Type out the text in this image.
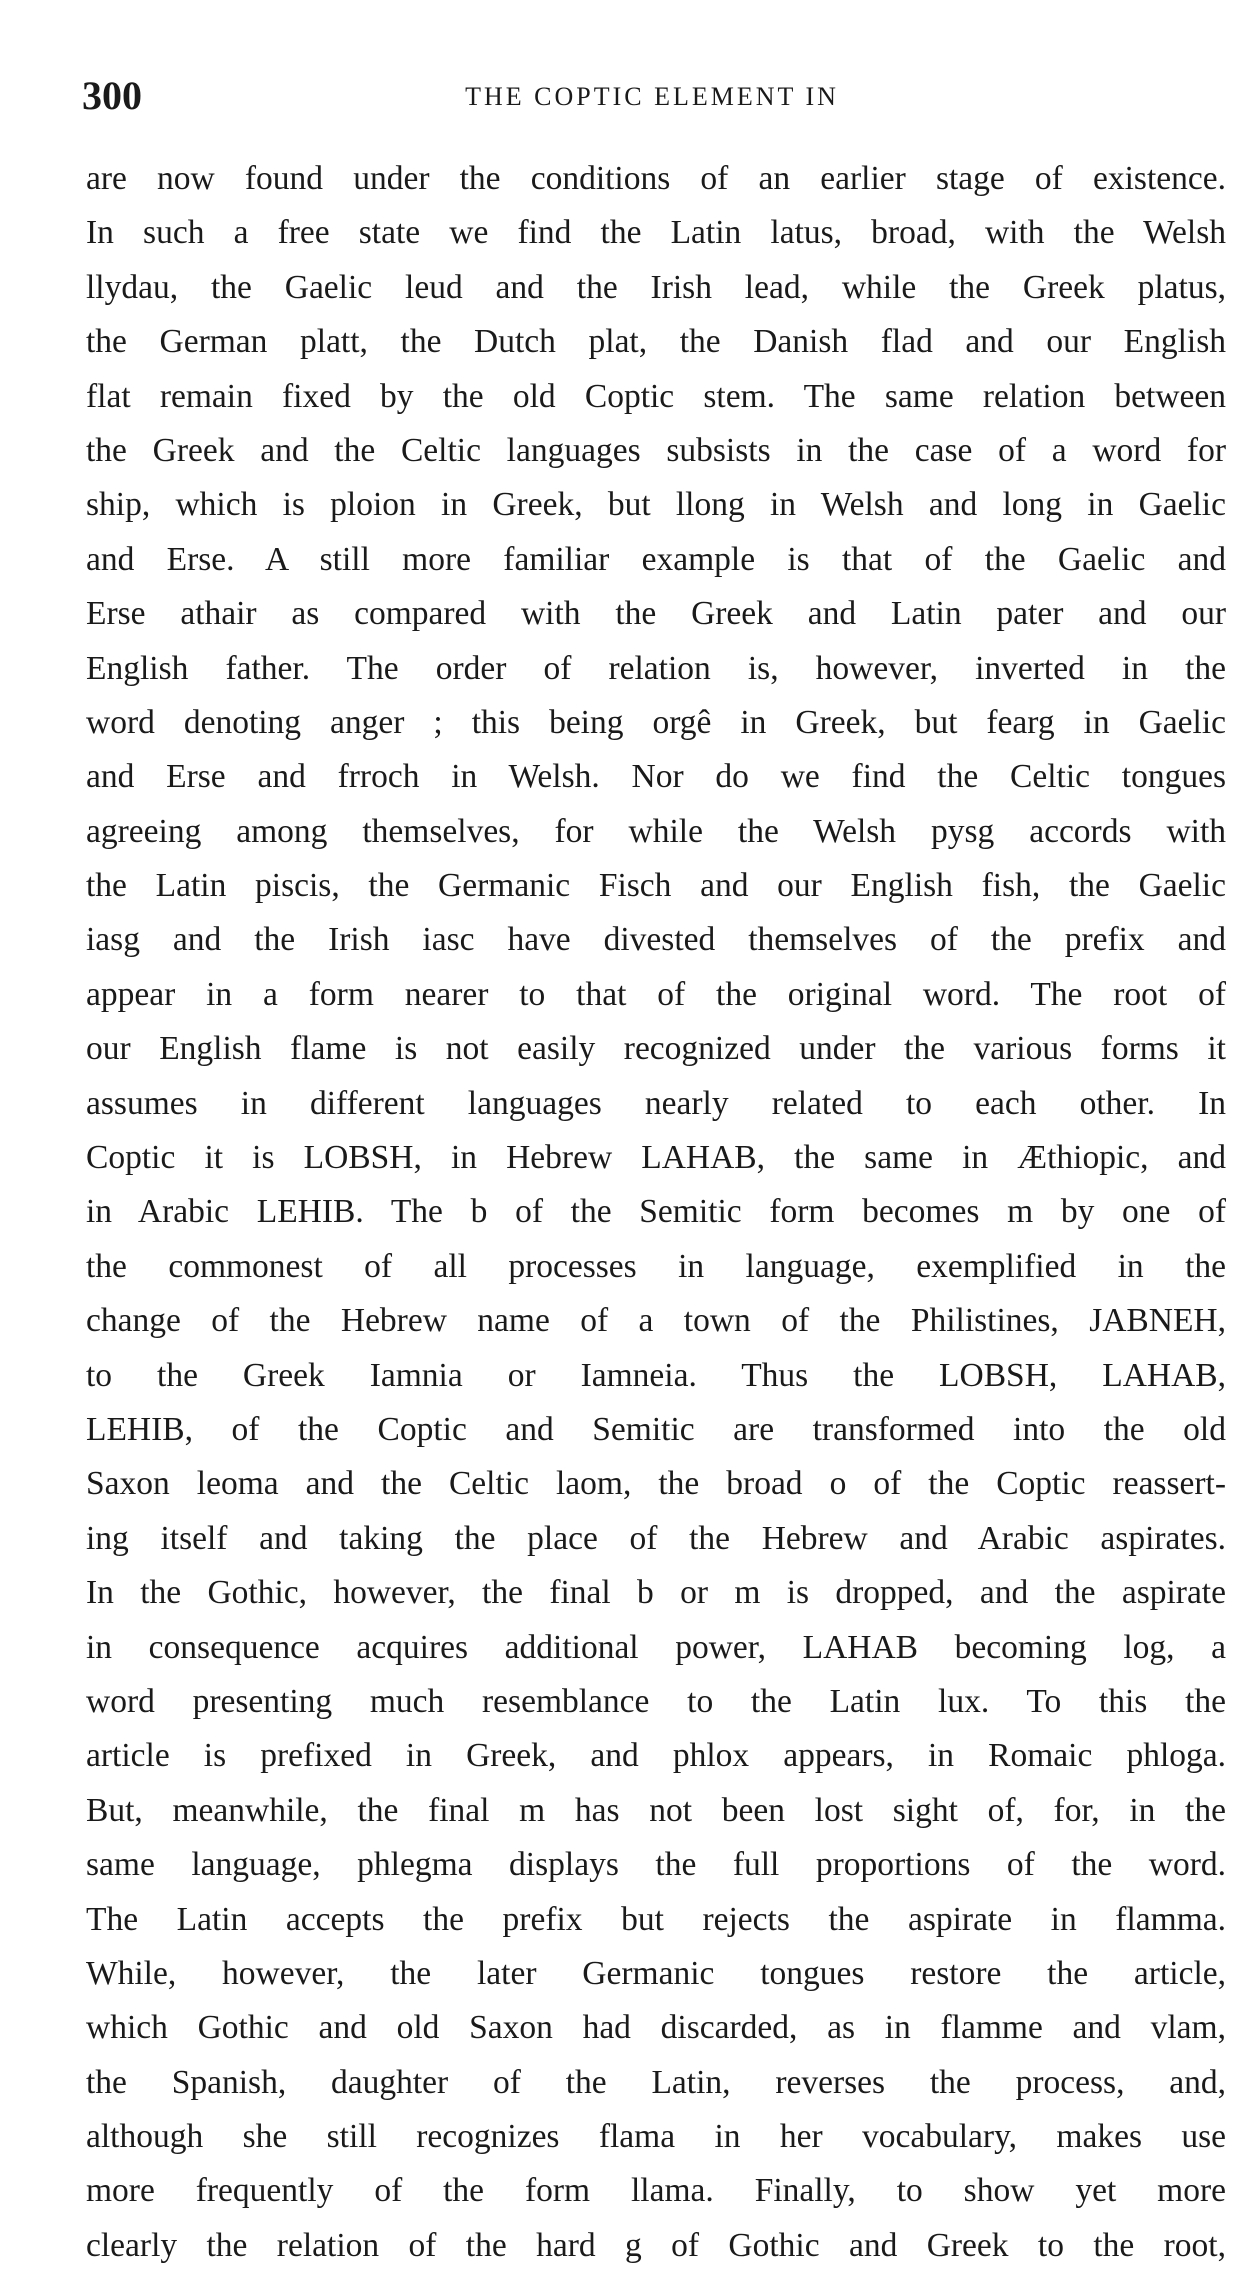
300	THE COPTIC ELEMENT IN
are now found under the conditions of an earlier stage of existence.
In such a free state we find the Latin latus, broad, with the Welsh
llydau, the Gaelic leud and the Irish lead, while the Greek platus,
the German platt, the Dutch plat, the Danish flad and our English
flat remain fixed by the old Coptic stem. The same relation between
the Greek and the Celtic languages subsists in the case of a word for
ship, which is ploion in Greek, but llong in Welsh and long in Gaelic
and Erse. A still more familiar example is that of the Gaelic and
Erse athair as compared with the Greek and Latin pater and our
English father. The order of relation is, however, inverted in the
word denoting anger ; this being orgê in Greek, but fearg in Gaelic
and Erse and frroch in Welsh. Nor do we find the Celtic tongues
agreeing among themselves, for while the Welsh pysg accords with
the Latin piscis, the Germanic Fisch and our English fish, the Gaelic
iasg and the Irish iasc have divested themselves of the prefix and
appear in a form nearer to that of the original word. The root of
our English flame is not easily recognized under the various forms it
assumes in different languages nearly related to each other. In
Coptic it is LOBSH, in Hebrew LAHAB, the same in Æthiopic, and
in Arabic LEHIB. The b of the Semitic form becomes m by one of
the commonest of all processes in language, exemplified in the
change of the Hebrew name of a town of the Philistines, JABNEH,
to the Greek Iamnia or Iamneia. Thus the LOBSH, LAHAB,
LEHIB, of the Coptic and Semitic are transformed into the old
Saxon leoma and the Celtic laom, the broad o of the Coptic reassert-
ing itself and taking the place of the Hebrew and Arabic aspirates.
In the Gothic, however, the final b or m is dropped, and the aspirate
in consequence acquires additional power, LAHAB becoming log, a
word presenting much resemblance to the Latin lux. To this the
article is prefixed in Greek, and phlox appears, in Romaic phloga.
But, meanwhile, the final m has not been lost sight of, for, in the
same language, phlegma displays the full proportions of the word.
The Latin accepts the prefix but rejects the aspirate in flamma.
While, however, the later Germanic tongues restore the article,
which Gothic and old Saxon had discarded, as in flamme and vlam,
the Spanish, daughter of the Latin, reverses the process, and,
although she still recognizes flama in her vocabulary, makes use
more frequently of the form llama. Finally, to show yet more
clearly the relation of the hard g of Gothic and Greek to the root,
